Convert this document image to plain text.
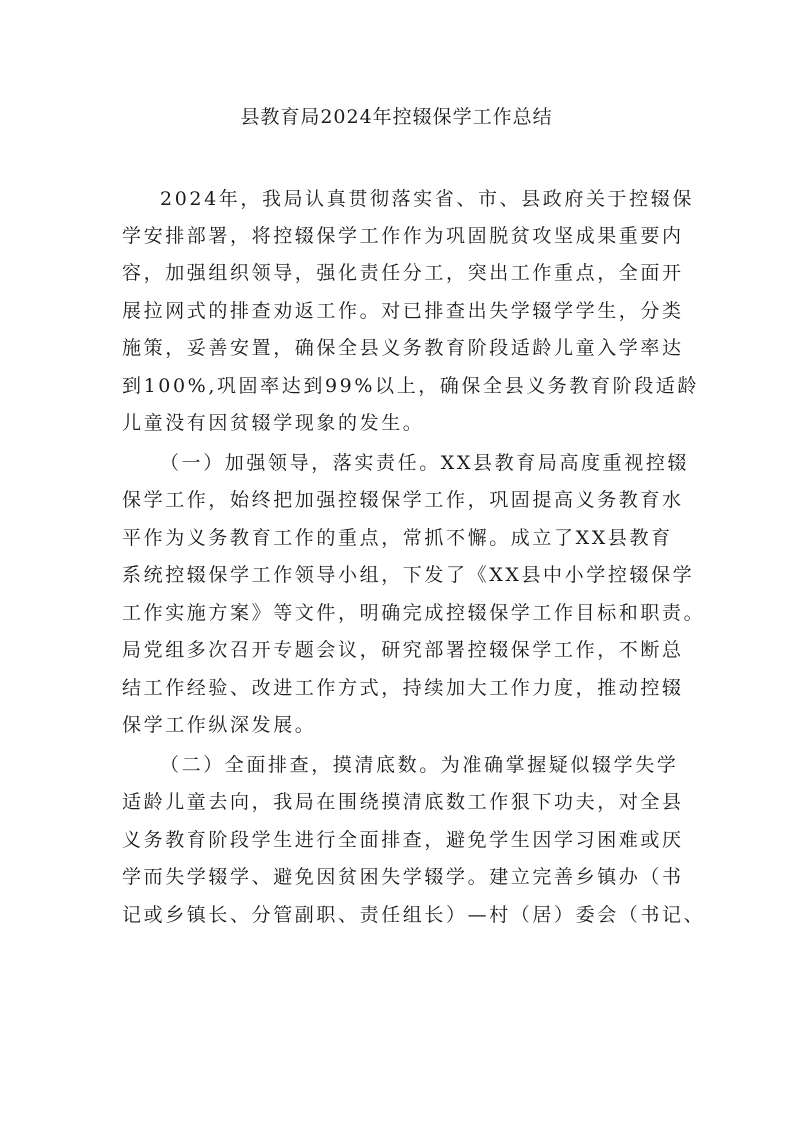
县教育局2024年控辍保学工作总结
2024年，我局认真贯彻落实省、市、县政府关于控辍保
学安排部署，将控辍保学工作作为巩固脱贫攻坚成果重要内
容，加强组织领导，强化责任分工，突出工作重点，全面开
展拉网式的排查劝返工作。对已排查出失学辍学学生，分类
施策，妥善安置，确保全县义务教育阶段适龄儿童入学率达
到100%,巩固率达到99%以上，确保全县义务教育阶段适龄
儿童没有因贫辍学现象的发生。
（一）加强领导，落实责任。XX县教育局高度重视控辍
保学工作，始终把加强控辍保学工作，巩固提高义务教育水
平作为义务教育工作的重点，常抓不懈。成立了XX县教育
系统控辍保学工作领导小组，下发了《XX县中小学控辍保学
工作实施方案》等文件，明确完成控辍保学工作目标和职责。
局党组多次召开专题会议，研究部署控辍保学工作，不断总
结工作经验、改进工作方式，持续加大工作力度，推动控辍
保学工作纵深发展。
（二）全面排查，摸清底数。为准确掌握疑似辍学失学
适龄儿童去向，我局在围绕摸清底数工作狠下功夫，对全县
义务教育阶段学生进行全面排查，避免学生因学习困难或厌
学而失学辍学、避免因贫困失学辍学。建立完善乡镇办（书
记或乡镇长、分管副职、责任组长）—村（居）委会（书记、
